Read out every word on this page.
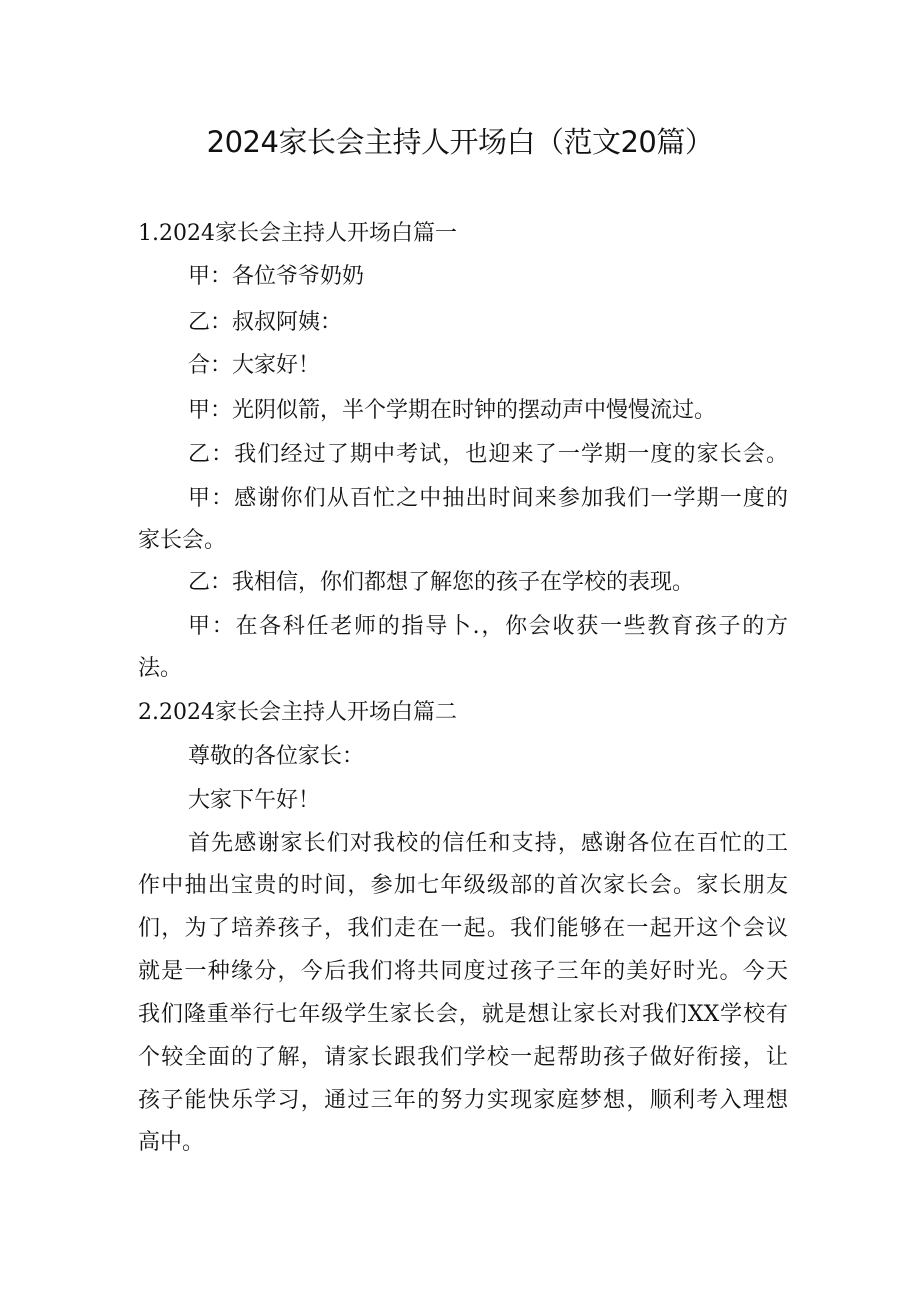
2024家长会主持人开场白（范文20篇）
1.2024家长会主持人开场白篇一
甲：各位爷爷奶奶
乙：叔叔阿姨：
合：大家好！
甲：光阴似箭，半个学期在时钟的摆动声中慢慢流过。
乙：我们经过了期中考试，也迎来了一学期一度的家长会。
甲：感谢你们从百忙之中抽出时间来参加我们一学期一度的
家长会。
乙：我相信，你们都想了解您的孩子在学校的表现。
甲：在各科任老师的指导卜.，你会收获一些教育孩子的方
法。
2.2024家长会主持人开场白篇二
尊敬的各位家长：
大家下午好！
首先感谢家长们对我校的信任和支持，感谢各位在百忙的工
作中抽出宝贵的时间，参加七年级级部的首次家长会。家长朋友
们，为了培养孩子，我们走在一起。我们能够在一起开这个会议
就是一种缘分，今后我们将共同度过孩子三年的美好时光。今天
我们隆重举行七年级学生家长会，就是想让家长对我们XX学校有
个较全面的了解，请家长跟我们学校一起帮助孩子做好衔接，让
孩子能快乐学习，通过三年的努力实现家庭梦想，顺利考入理想
高中。
